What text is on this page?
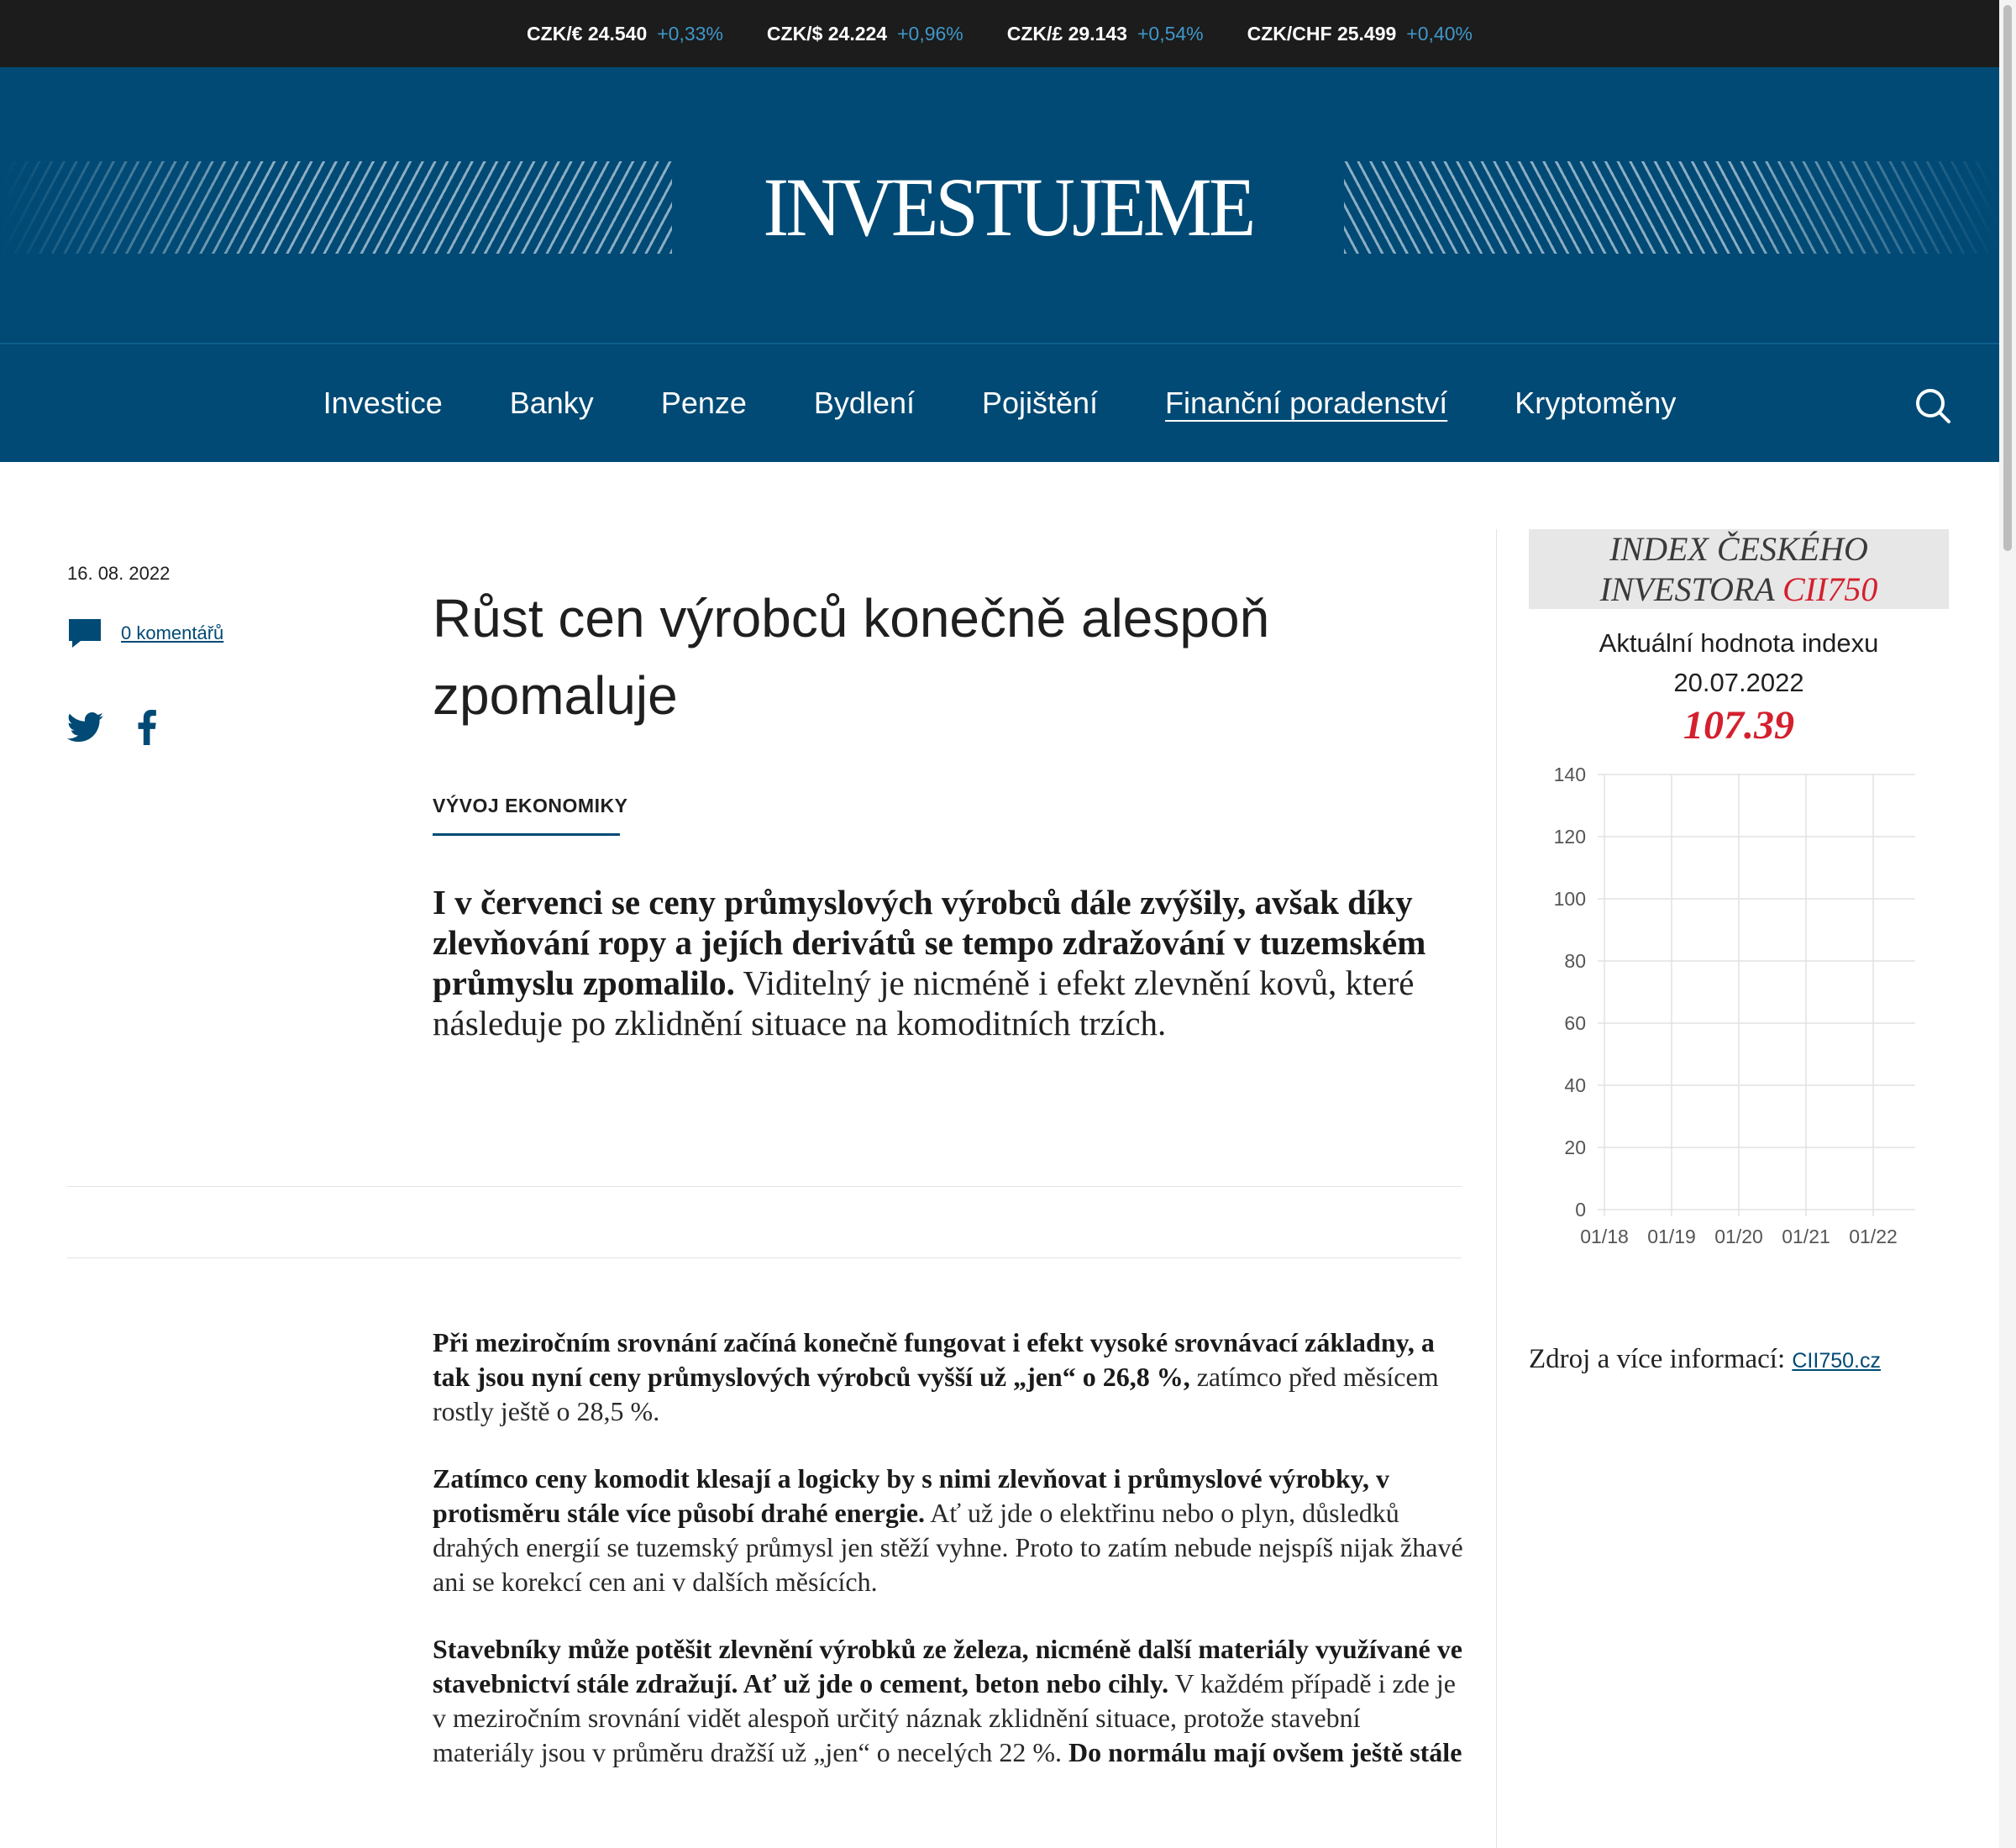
CZK/€ 24.540 +0,33% CZK/$ 24.224 +0,96% CZK/£ 29.143 +0,54% CZK/CHF 25.499 +0,40%
INVESTUJEME
Investice Banky Penze Bydlení Pojištění Finanční poradenství Kryptoměny
16. 08. 2022
0 komentářů	Růst cen výrobců konečně alespoň zpomaluje
VÝVOJ EKONOMIKY
I v červenci se ceny průmyslových výrobců dále zvýšily, avšak díky zlevňování ropy a jejích derivátů se tempo zdražování v tuzemském průmyslu zpomalilo. Viditelný je nicméně i efekt zlevnění kovů, které následuje po zklidnění situace na komoditních trzích.

Při meziročním srovnání začíná konečně fungovat i efekt vysoké srovnávací základny, a tak jsou nyní ceny průmyslových výrobců vyšší už „jen“ o 26,8 %, zatímco před měsícem rostly ještě o 28,5 %.

Zatímco ceny komodit klesají a logicky by s nimi zlevňovat i průmyslové výrobky, v protisměru stále více působí drahé energie. Ať už jde o elektřinu nebo o plyn, důsledků drahých energií se tuzemský průmysl jen stěží vyhne. Proto to zatím nebude nejspíš nijak žhavé ani se korekcí cen ani v dalších měsících.

Stavebníky může potěšit zlevnění výrobků ze železa, nicméně další materiály využívané ve stavebnictví stále zdražují. Ať už jde o cement, beton nebo cihly. V každém případě i zde je v meziročním srovnání vidět alespoň určitý náznak zklidnění situace, protože stavební materiály jsou v průměru dražší už „jen“ o necelých 22 %. Do normálu mají ovšem ještě stále

INDEX ČESKÉHO
INVESTORA CII750
Aktuální hodnota indexu
20.07.2022
107.39
0
20
40
60
80
100
120
140
01/18 01/19 01/20 01/21 01/22
Zdroj a více informací: CII750.cz
